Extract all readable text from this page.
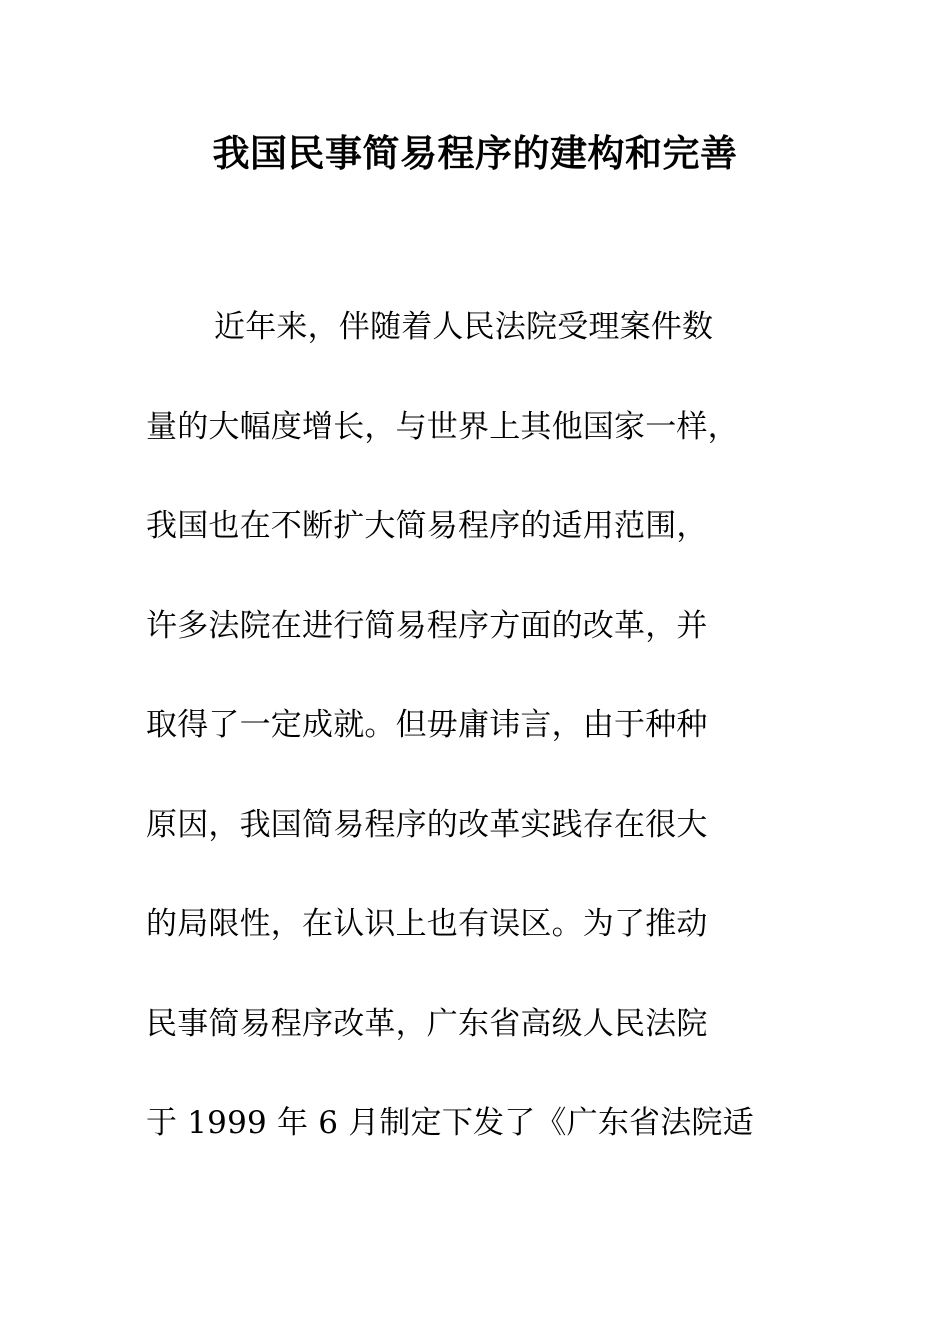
我国民事简易程序的建构和完善
近年来，伴随着人民法院受理案件数
量的大幅度增长，与世界上其他国家一样，
我国也在不断扩大简易程序的适用范围，
许多法院在进行简易程序方面的改革，并
取得了一定成就。但毋庸讳言，由于种种
原因，我国简易程序的改革实践存在很大
的局限性，在认识上也有误区。为了推动
民事简易程序改革，广东省高级人民法院
于 1999 年 6 月制定下发了《广东省法院适
